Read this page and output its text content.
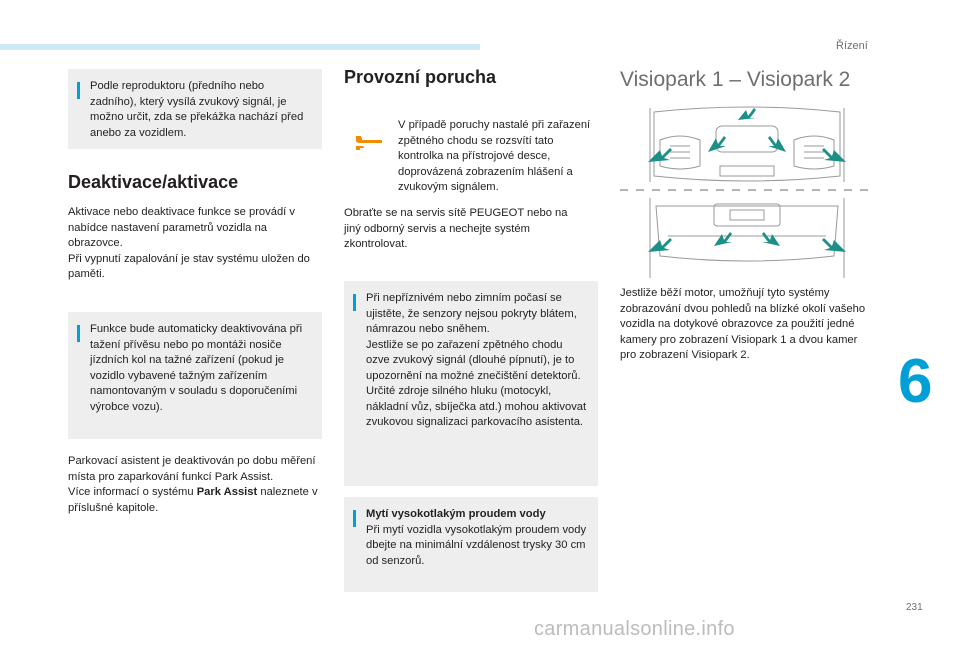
Řízení

Podle reproduktoru (předního nebo zadního), který vysílá zvukový signál, je možno určit, zda se překážka nachází před anebo za vozidlem.

Deaktivace/aktivace

Aktivace nebo deaktivace funkce se provádí v nabídce nastavení parametrů vozidla na obrazovce.

Při vypnutí zapalování je stav systému uložen do paměti.

Funkce bude automaticky deaktivována při tažení přívěsu nebo po montáži nosiče jízdních kol na tažné zařízení (pokud je vozidlo vybavené tažným zařízením namontovaným v souladu s doporučeními výrobce vozu).

Parkovací asistent je deaktivován po dobu měření místa pro zaparkování funkcí Park Assist.

Více informací o systému Park Assist naleznete v příslušné kapitole.

Provozní porucha
V případě poruchy nastalé při zařazení zpětného chodu se rozsvítí tato kontrolka na přístrojové desce, doprovázená zobrazením hlášení a zvukovým signálem.
Obraťte se na servis sítě PEUGEOT nebo na jiný odborný servis a nechejte systém zkontrolovat.

Při nepříznivém nebo zimním počasí se ujistěte, že senzory nejsou pokryty blátem, námrazou nebo sněhem.

Jestliže se po zařazení zpětného chodu ozve zvukový signál (dlouhé pípnutí), je to upozornění na možné znečištění detektorů.

Určité zdroje silného hluku (motocykl, nákladní vůz, sbíječka atd.) mohou aktivovat zvukovou signalizaci parkovacího asistenta.

Mytí vysokotlakým proudem vody

Při mytí vozidla vysokotlakým proudem vody dbejte na minimální vzdálenost trysky 30 cm od senzorů.

Visiopark 1 – Visiopark 2
Jestliže běží motor, umožňují tyto systémy zobrazování dvou pohledů na blízké okolí vašeho vozidla na dotykové obrazovce za použití jedné kamery pro zobrazení Visiopark 1 a dvou kamer pro zobrazení Visiopark 2.	6
231
carmanualsonline.info
